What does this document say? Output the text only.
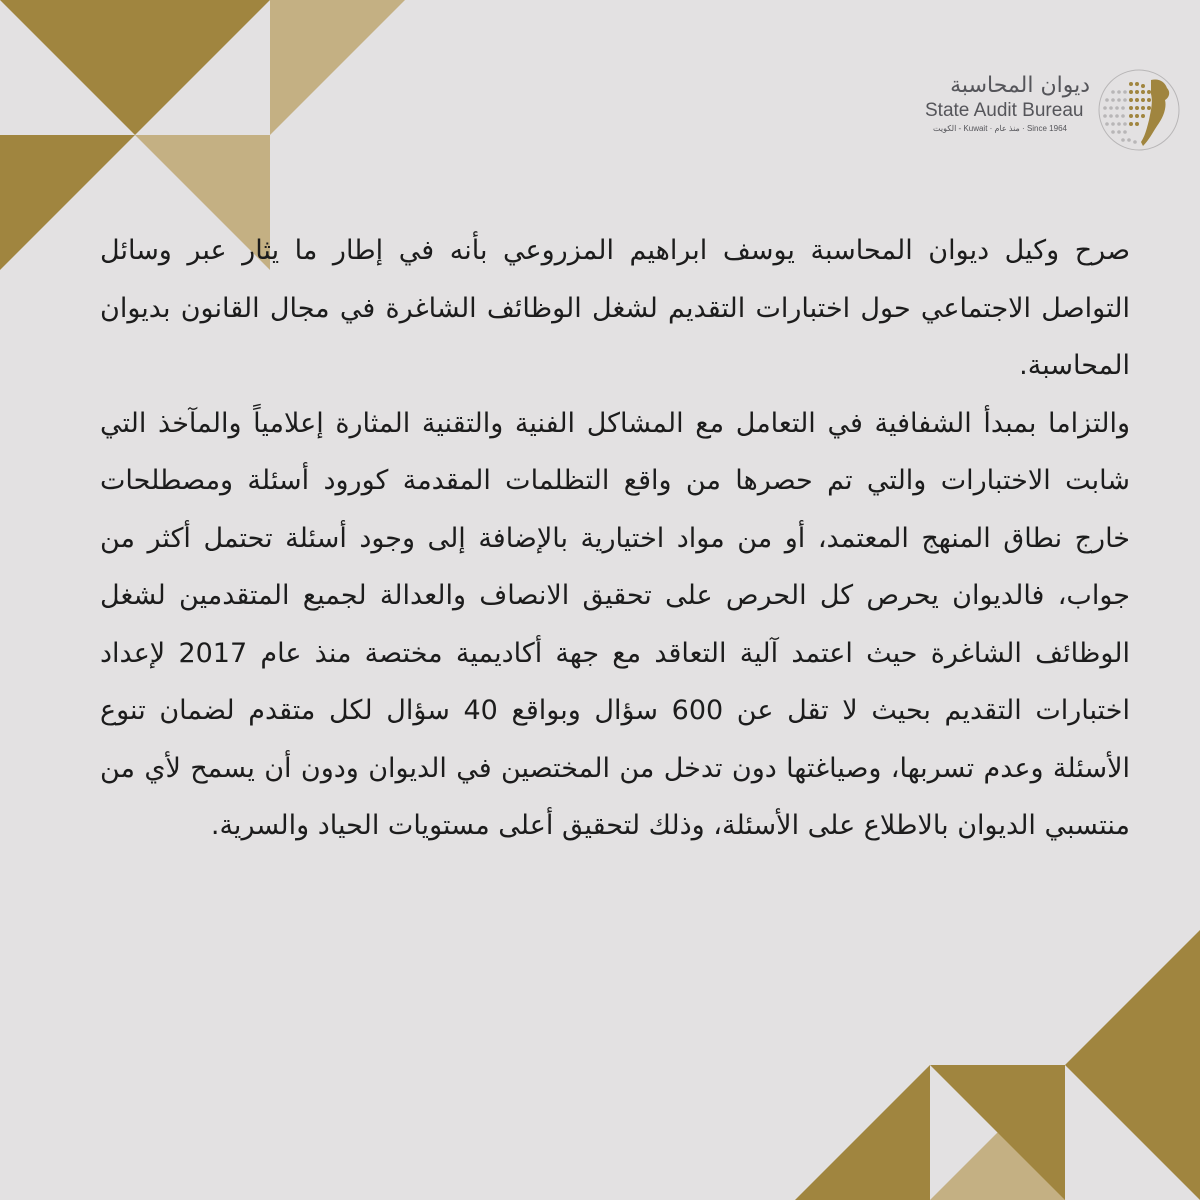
ديوان المحاسبة
State Audit Bureau
الكويت - Kuwait · منذ عام · Since 1964

صرح وكيل ديوان المحاسبة يوسف ابراهيم المزروعي بأنه في إطار ما يثار عبر وسائل التواصل الاجتماعي حول اختبارات التقديم لشغل الوظائف الشاغرة في مجال القانون بديوان المحاسبة.

والتزاما بمبدأ الشفافية في التعامل مع المشاكل الفنية والتقنية المثارة إعلامياً والمآخذ التي شابت الاختبارات والتي تم حصرها من واقع التظلمات المقدمة كورود أسئلة ومصطلحات خارج نطاق المنهج المعتمد، أو من مواد اختيارية بالإضافة إلى وجود أسئلة تحتمل أكثر من جواب، فالديوان يحرص كل الحرص على تحقيق الانصاف والعدالة لجميع المتقدمين لشغل الوظائف الشاغرة حيث اعتمد آلية التعاقد مع جهة أكاديمية مختصة منذ عام 2017 لإعداد اختبارات التقديم بحيث لا تقل عن 600 سؤال وبواقع 40 سؤال لكل متقدم لضمان تنوع الأسئلة وعدم تسربها، وصياغتها دون تدخل من المختصين في الديوان ودون أن يسمح لأي من منتسبي الديوان بالاطلاع على الأسئلة، وذلك لتحقيق أعلى مستويات الحياد والسرية.
